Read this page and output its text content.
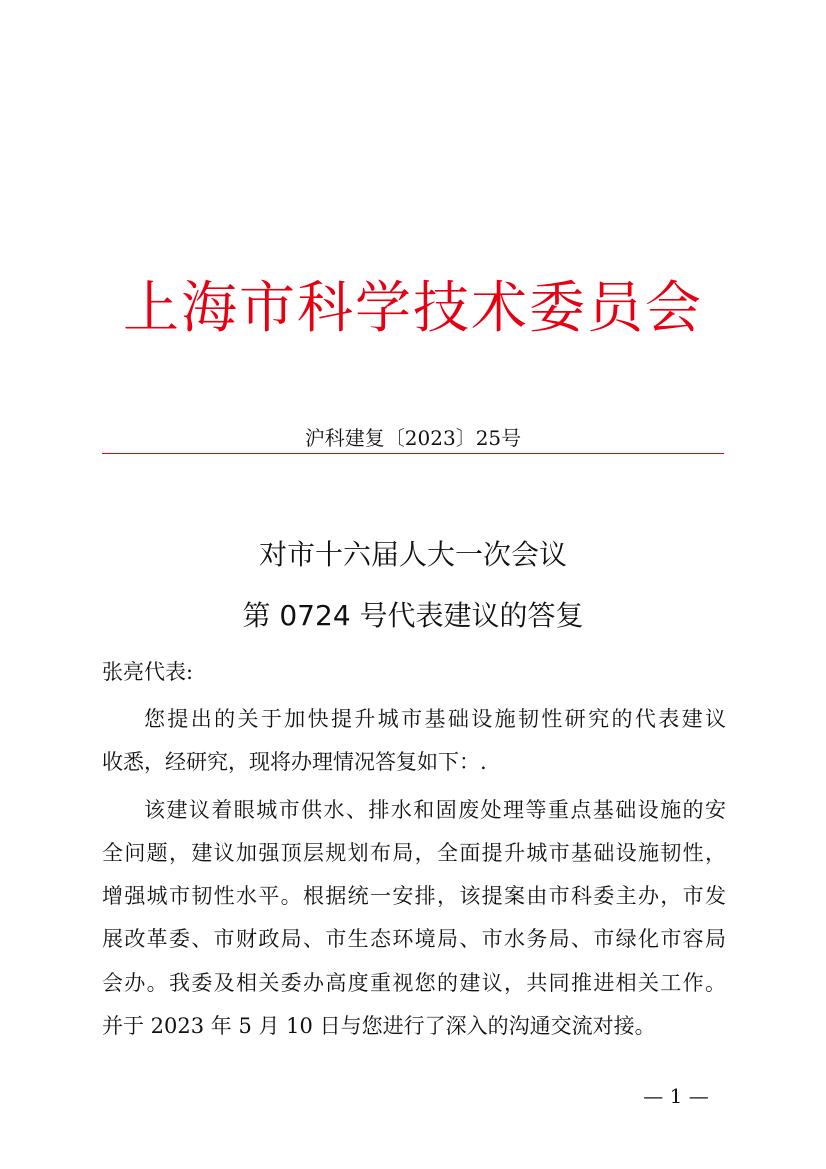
上海市科学技术委员会
沪科建复〔2023〕25号
对市十六届人大一次会议
第 0724 号代表建议的答复
张亮代表:
您提出的关于加快提升城市基础设施韧性研究的代表建议
收悉，经研究，现将办理情况答复如下：.
该建议着眼城市供水、排水和固废处理等重点基础设施的安
全问题，建议加强顶层规划布局，全面提升城市基础设施韧性，
增强城市韧性水平。根据统一安排，该提案由市科委主办，市发
展改革委、市财政局、市生态环境局、市水务局、市绿化市容局
会办。我委及相关委办高度重视您的建议，共同推进相关工作。
并于 2023 年 5 月 10 日与您进行了深入的沟通交流对接。
— 1 —
